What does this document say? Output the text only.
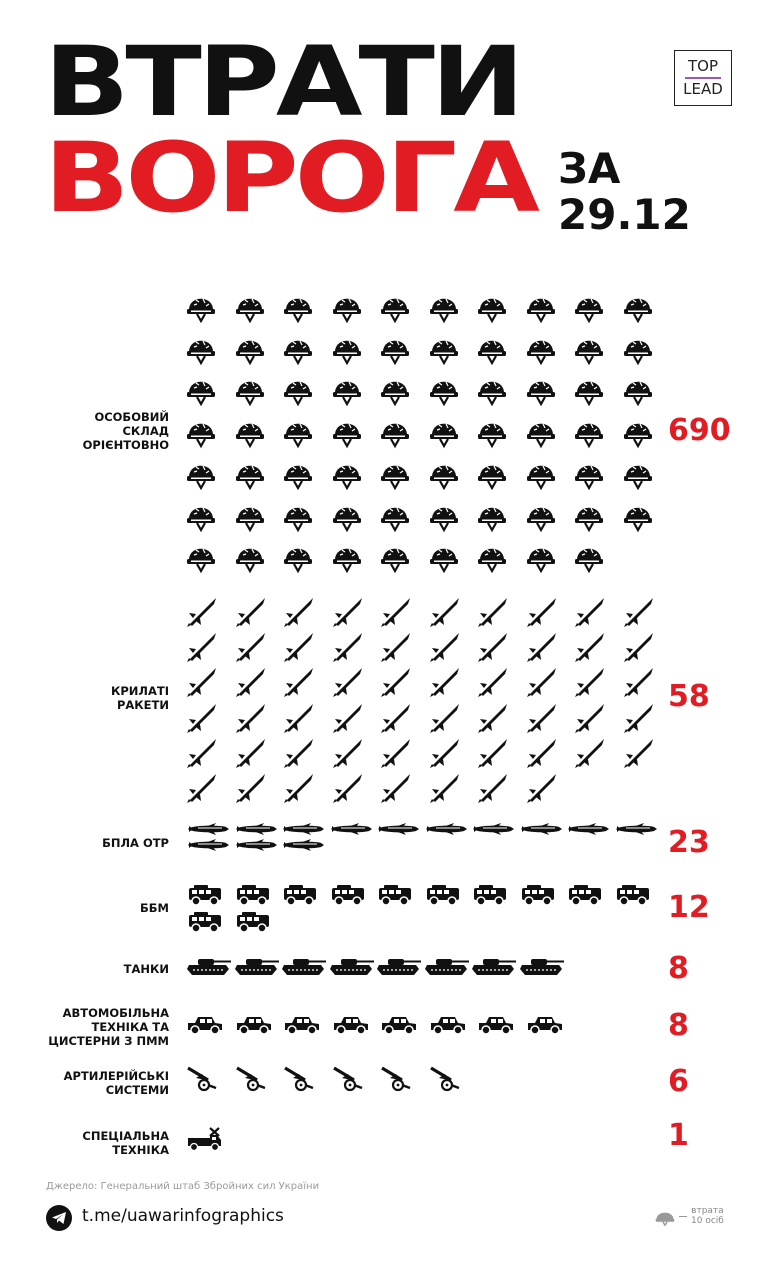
ВТРАТИ
ВОРОГА ЗА
29.12
TOP
LEAD
ОСОБОВИЙ
СКЛАД
ОРІЄНТОВНО	690
КРИЛАТІ
РАКЕТИ	58
БПЛА ОТР	23
ББМ	12
ТАНКИ	8
АВТОМОБІЛЬНА
ТЕХНІКА ТА
ЦИСТЕРНИ З ПММ	8
АРТИЛЕРІЙСЬКІ
СИСТЕМИ	6
СПЕЦІАЛЬНА
ТЕХНІКА	1
Джерело: Генеральний штаб Збройних сил України
t.me/uawarinfographics	втрата
10 осіб
